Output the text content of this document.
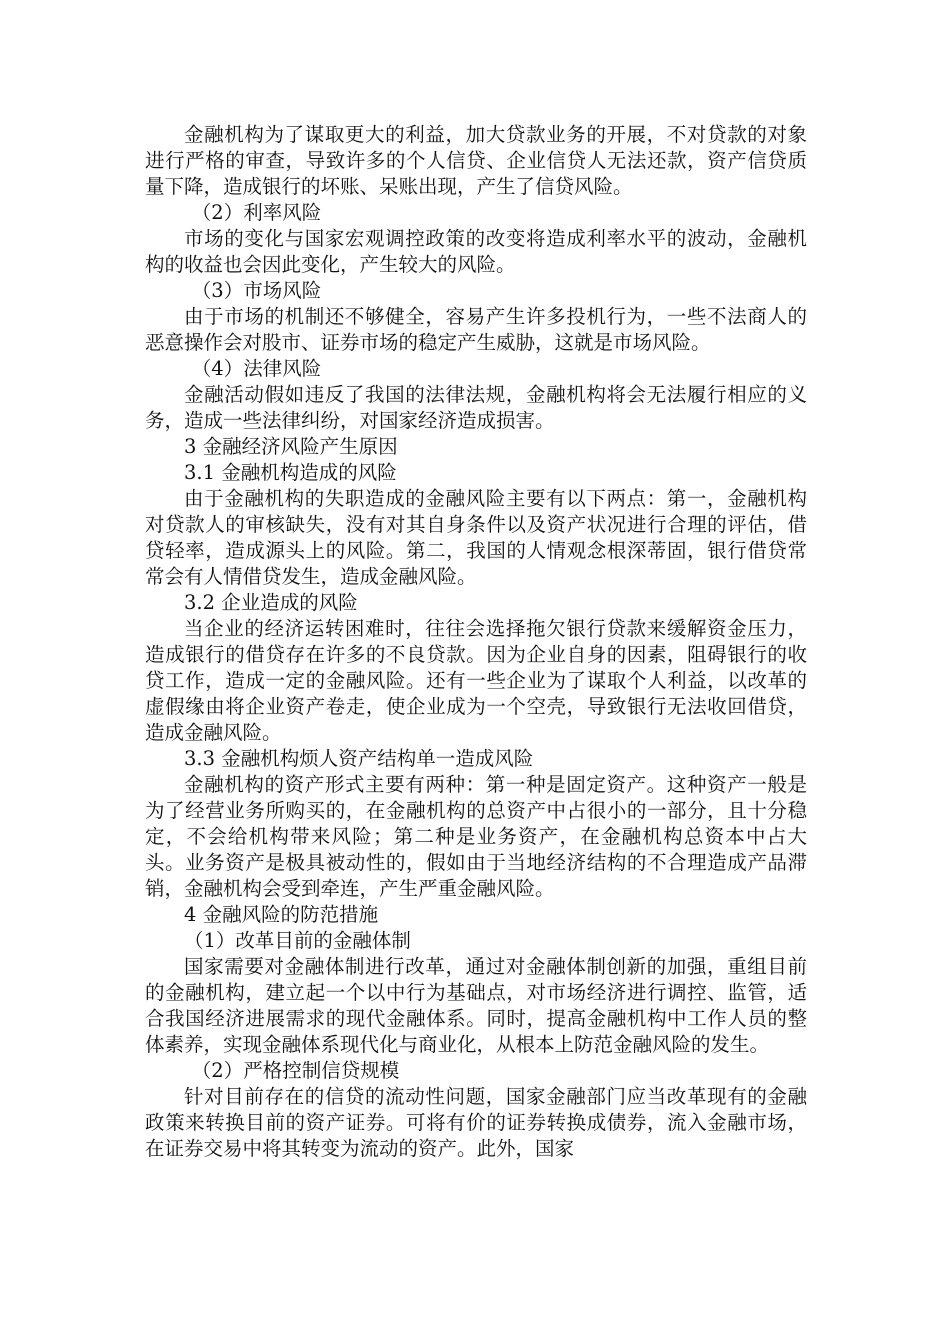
金融机构为了谋取更大的利益，加大贷款业务的开展，不对贷款的对象进行严格的审查，导致许多的个人信贷、企业信贷人无法还款，资产信贷质量下降，造成银行的坏账、呆账出现，产生了信贷风险。

（2）利率风险

市场的变化与国家宏观调控政策的改变将造成利率水平的波动，金融机构的收益也会因此变化，产生较大的风险。

（3）市场风险

由于市场的机制还不够健全，容易产生许多投机行为，一些不法商人的恶意操作会对股市、证券市场的稳定产生威胁，这就是市场风险。

（4）法律风险

金融活动假如违反了我国的法律法规，金融机构将会无法履行相应的义务，造成一些法律纠纷，对国家经济造成损害。

3 金融经济风险产生原因

3.1 金融机构造成的风险

由于金融机构的失职造成的金融风险主要有以下两点：第一，金融机构对贷款人的审核缺失，没有对其自身条件以及资产状况进行合理的评估，借贷轻率，造成源头上的风险。第二，我国的人情观念根深蒂固，银行借贷常常会有人情借贷发生，造成金融风险。

3.2 企业造成的风险

当企业的经济运转困难时，往往会选择拖欠银行贷款来缓解资金压力，造成银行的借贷存在许多的不良贷款。因为企业自身的因素，阻碍银行的收贷工作，造成一定的金融风险。还有一些企业为了谋取个人利益，以改革的虚假缘由将企业资产卷走，使企业成为一个空壳，导致银行无法收回借贷，造成金融风险。

3.3 金融机构烦人资产结构单一造成风险

金融机构的资产形式主要有两种：第一种是固定资产。这种资产一般是为了经营业务所购买的，在金融机构的总资产中占很小的一部分，且十分稳定，不会给机构带来风险；第二种是业务资产，在金融机构总资本中占大头。业务资产是极具被动性的，假如由于当地经济结构的不合理造成产品滞销，金融机构会受到牵连，产生严重金融风险。

4 金融风险的防范措施

（1）改革目前的金融体制

国家需要对金融体制进行改革，通过对金融体制创新的加强，重组目前的金融机构，建立起一个以中行为基础点，对市场经济进行调控、监管，适合我国经济进展需求的现代金融体系。同时，提高金融机构中工作人员的整体素养，实现金融体系现代化与商业化，从根本上防范金融风险的发生。

（2）严格控制信贷规模

针对目前存在的信贷的流动性问题，国家金融部门应当改革现有的金融政策来转换目前的资产证券。可将有价的证券转换成债券，流入金融市场，在证券交易中将其转变为流动的资产。此外，国家
